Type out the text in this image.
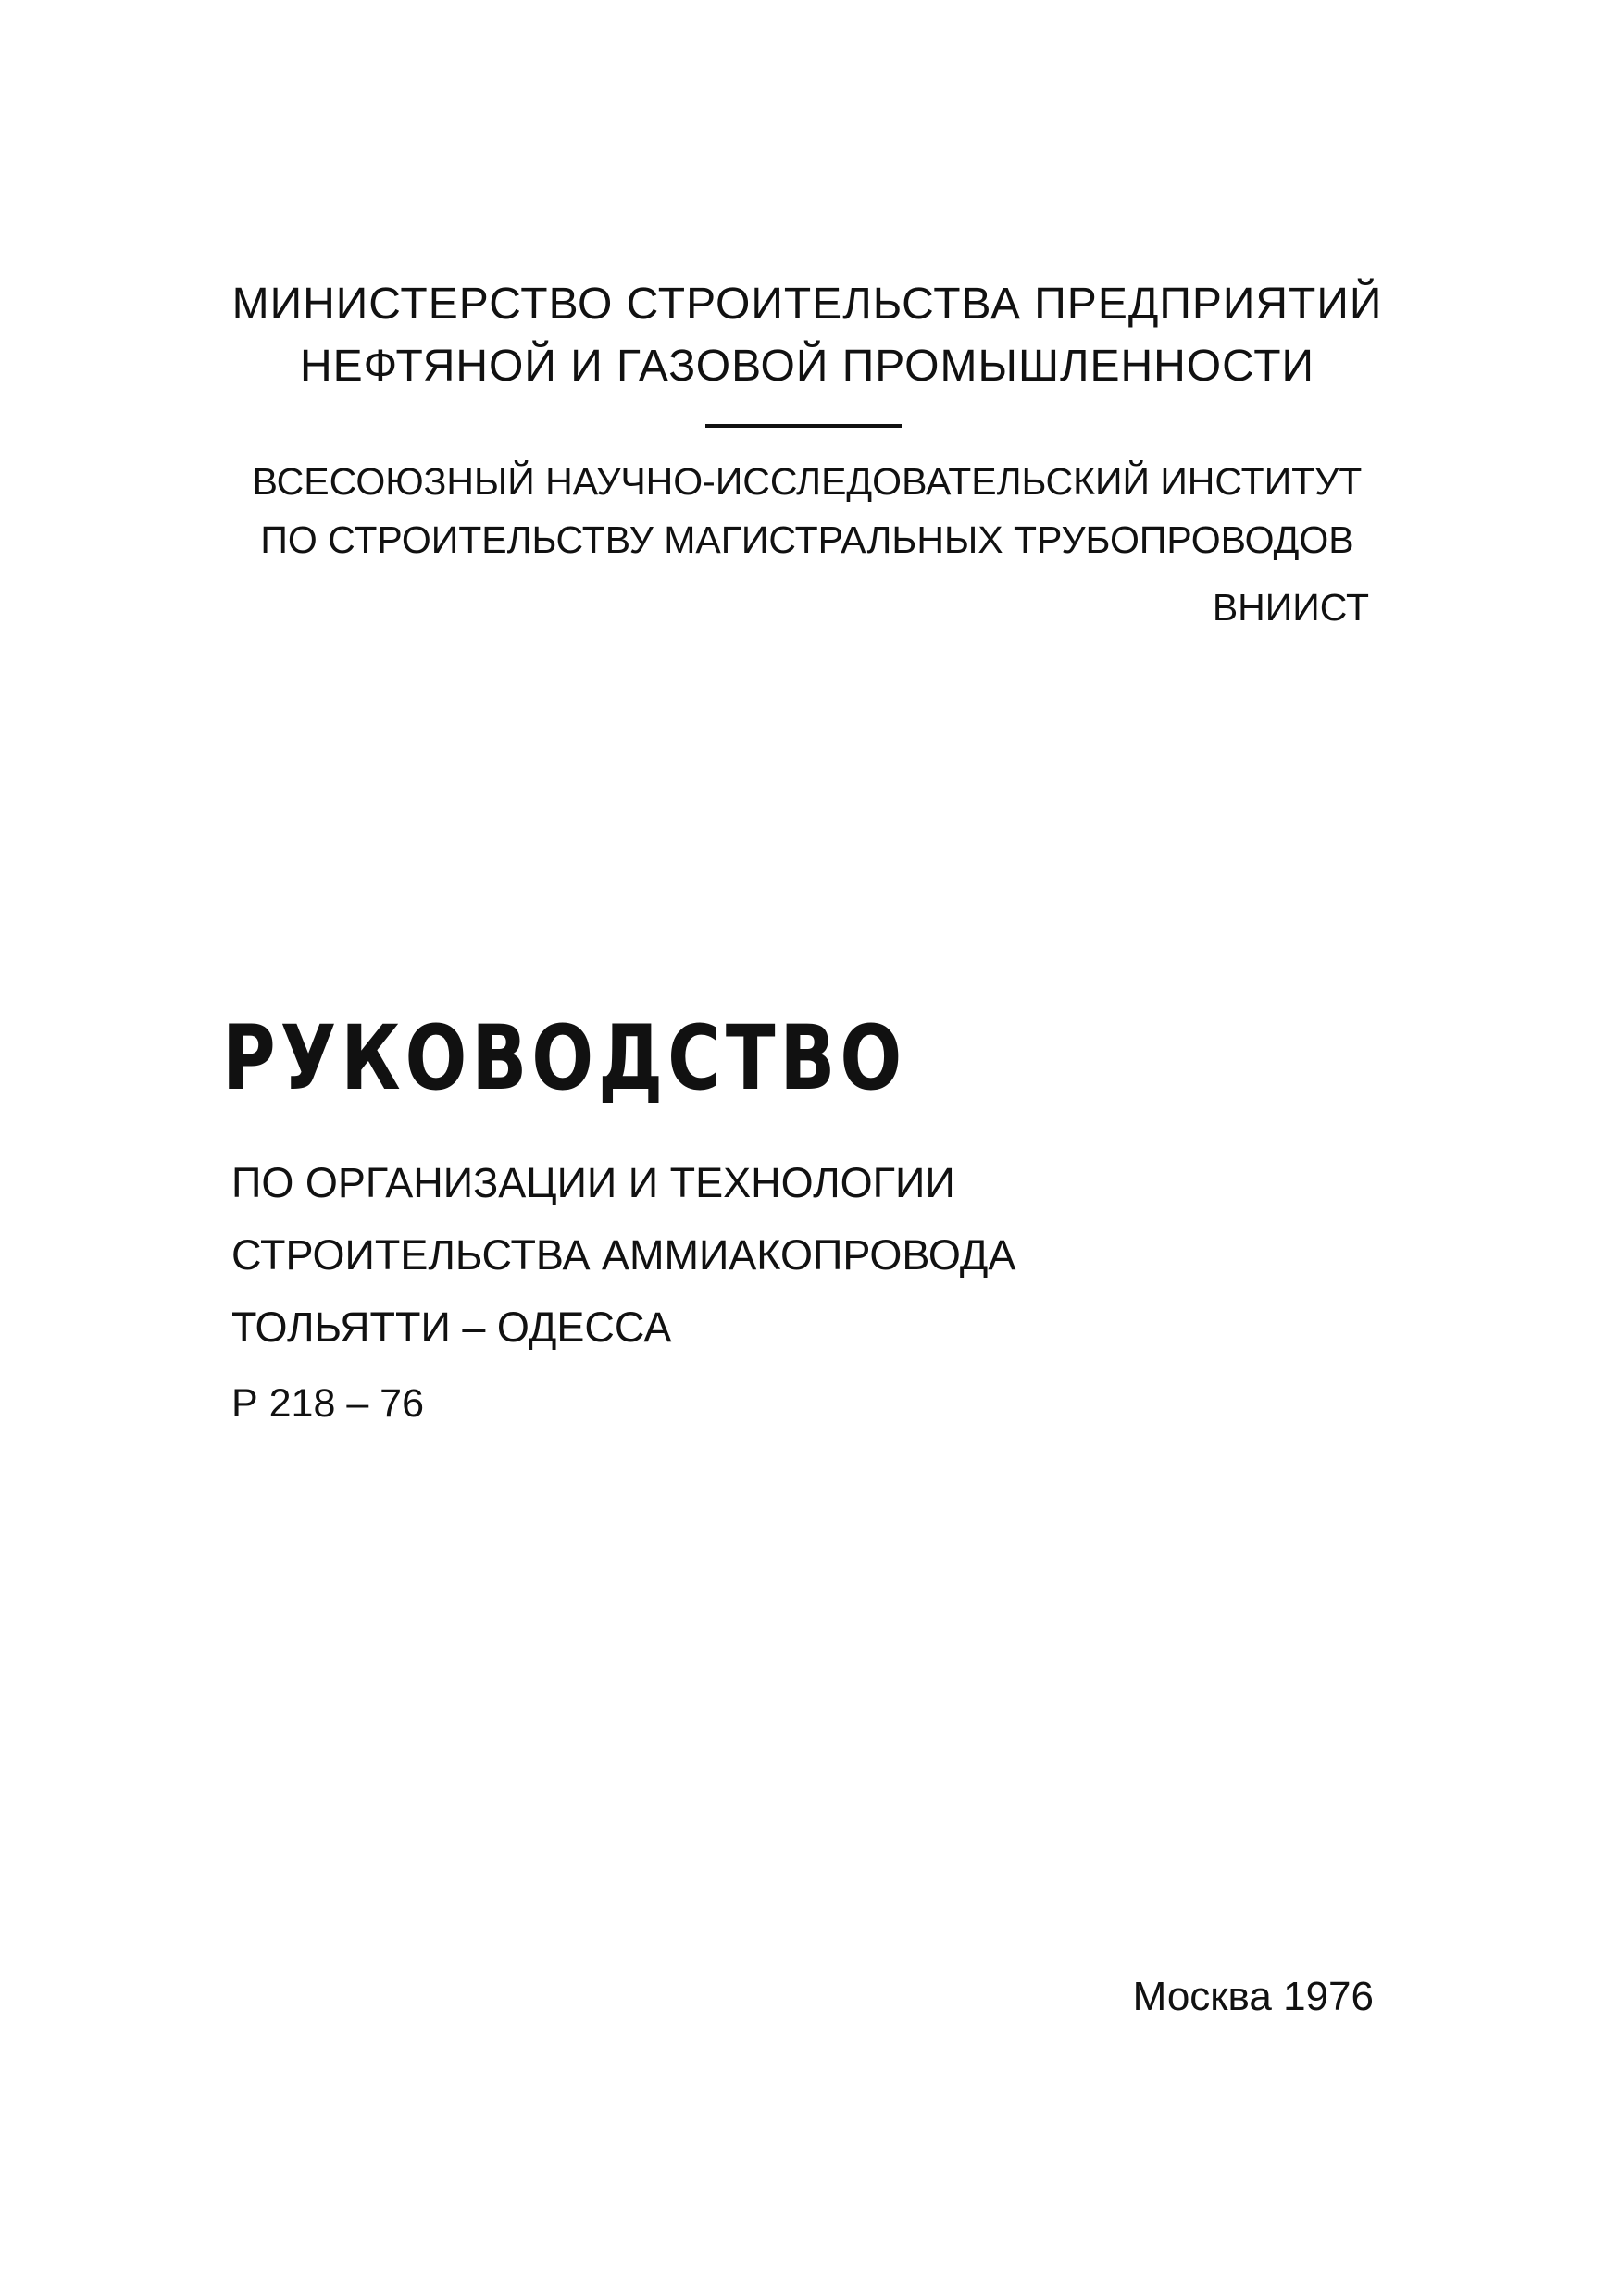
МИНИСТЕРСТВО СТРОИТЕЛЬСТВА ПРЕДПРИЯТИЙ

НЕФТЯНОЙ И ГАЗОВОЙ ПРОМЫШЛЕННОСТИ

ВСЕСОЮЗНЫЙ НАУЧНО-ИССЛЕДОВАТЕЛЬСКИЙ ИНСТИТУТ

ПО СТРОИТЕЛЬСТВУ МАГИСТРАЛЬНЫХ ТРУБОПРОВОДОВ

ВНИИСТ

РУКОВОДСТВО

ПО ОРГАНИЗАЦИИ И ТЕХНОЛОГИИ

СТРОИТЕЛЬСТВА АММИАКОПРОВОДА

ТОЛЬЯТТИ – ОДЕССА

Р 218 – 76

Москва 1976
